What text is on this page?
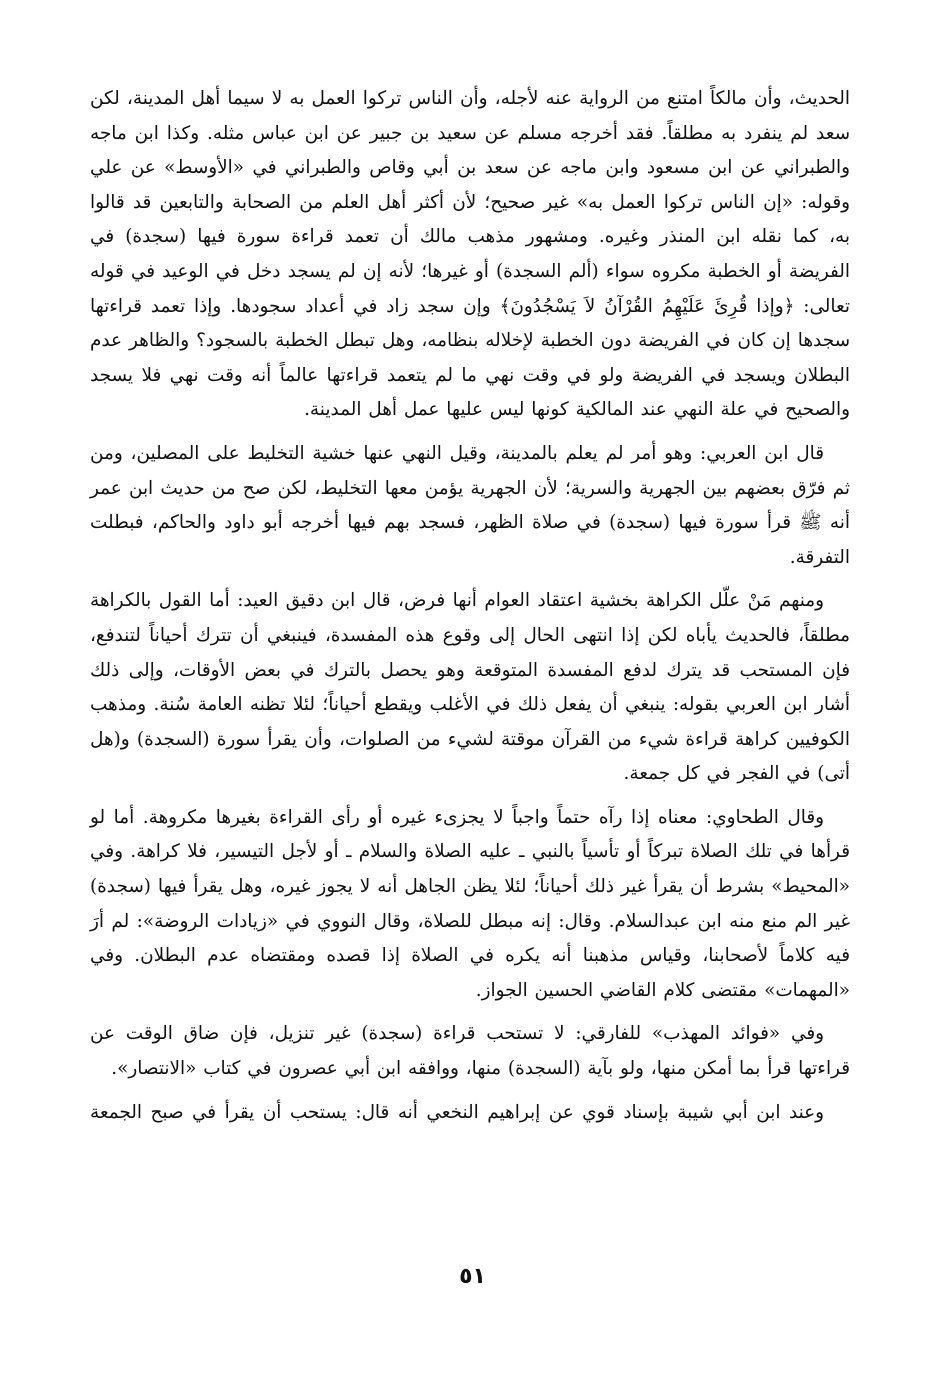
الحديث، وأن مالكاً امتنع من الرواية عنه لأجله، وأن الناس تركوا العمل به لا سيما أهل المدينة، لكن سعد لم ينفرد به مطلقاً. فقد أخرجه مسلم عن سعيد بن جبير عن ابن عباس مثله. وكذا ابن ماجه والطبراني عن ابن مسعود وابن ماجه عن سعد بن أبي وقاص والطبراني في «الأوسط» عن علي وقوله: «إن الناس تركوا العمل به» غير صحيح؛ لأن أكثر أهل العلم من الصحابة والتابعين قد قالوا به، كما نقله ابن المنذر وغيره. ومشهور مذهب مالك أن تعمد قراءة سورة فيها (سجدة) في الفريضة أو الخطبة مكروه سواء (ألم السجدة) أو غيرها؛ لأنه إن لم يسجد دخل في الوعيد في قوله تعالى: ﴿وإذا قُرِئَ عَلَيْهِمُ القُرْآنُ لاَ يَسْجُدُونَ﴾ وإن سجد زاد في أعداد سجودها. وإذا تعمد قراءتها سجدها إن كان في الفريضة دون الخطبة لإخلاله بنظامه، وهل تبطل الخطبة بالسجود؟ والظاهر عدم البطلان ويسجد في الفريضة ولو في وقت نهي ما لم يتعمد قراءتها عالماً أنه وقت نهي فلا يسجد والصحيح في علة النهي عند المالكية كونها ليس عليها عمل أهل المدينة.

قال ابن العربي: وهو أمر لم يعلم بالمدينة، وقيل النهي عنها خشية التخليط على المصلين، ومن ثم فرّق بعضهم بين الجهرية والسرية؛ لأن الجهرية يؤمن معها التخليط، لكن صح من حديث ابن عمر أنه ﷺ قرأ سورة فيها (سجدة) في صلاة الظهر، فسجد بهم فيها أخرجه أبو داود والحاكم، فبطلت التفرقة.

ومنهم مَنْ علّل الكراهة بخشية اعتقاد العوام أنها فرض، قال ابن دقيق العيد: أما القول بالكراهة مطلقاً، فالحديث يأباه لكن إذا انتهى الحال إلى وقوع هذه المفسدة، فينبغي أن تترك أحياناً لتندفع، فإن المستحب قد يترك لدفع المفسدة المتوقعة وهو يحصل بالترك في بعض الأوقات، وإلى ذلك أشار ابن العربي بقوله: ينبغي أن يفعل ذلك في الأغلب ويقطع أحياناً؛ لئلا تظنه العامة سُنة. ومذهب الكوفيين كراهة قراءة شيء من القرآن موقتة لشيء من الصلوات، وأن يقرأ سورة (السجدة) و(هل أتى) في الفجر في كل جمعة.

وقال الطحاوي: معناه إذا رآه حتماً واجباً لا يجزىء غيره أو رأى القراءة بغيرها مكروهة. أما لو قرأها في تلك الصلاة تبركاً أو تأسياً بالنبي ـ عليه الصلاة والسلام ـ أو لأجل التيسير، فلا كراهة. وفي «المحيط» بشرط أن يقرأ غير ذلك أحياناً؛ لئلا يظن الجاهل أنه لا يجوز غيره، وهل يقرأ فيها (سجدة) غير الم منع منه ابن عبدالسلام. وقال: إنه مبطل للصلاة، وقال النووي في «زيادات الروضة»: لم أرَ فيه كلاماً لأصحابنا، وقياس مذهبنا أنه يكره في الصلاة إذا قصده ومقتضاه عدم البطلان. وفي «المهمات» مقتضى كلام القاضي الحسين الجواز.

وفي «فوائد المهذب» للفارقي: لا تستحب قراءة (سجدة) غير تنزيل، فإن ضاق الوقت عن قراءتها قرأ بما أمكن منها، ولو بآية (السجدة) منها، ووافقه ابن أبي عصرون في كتاب «الانتصار».

وعند ابن أبي شيبة بإسناد قوي عن إبراهيم النخعي أنه قال: يستحب أن يقرأ في صبح الجمعة

٥١
